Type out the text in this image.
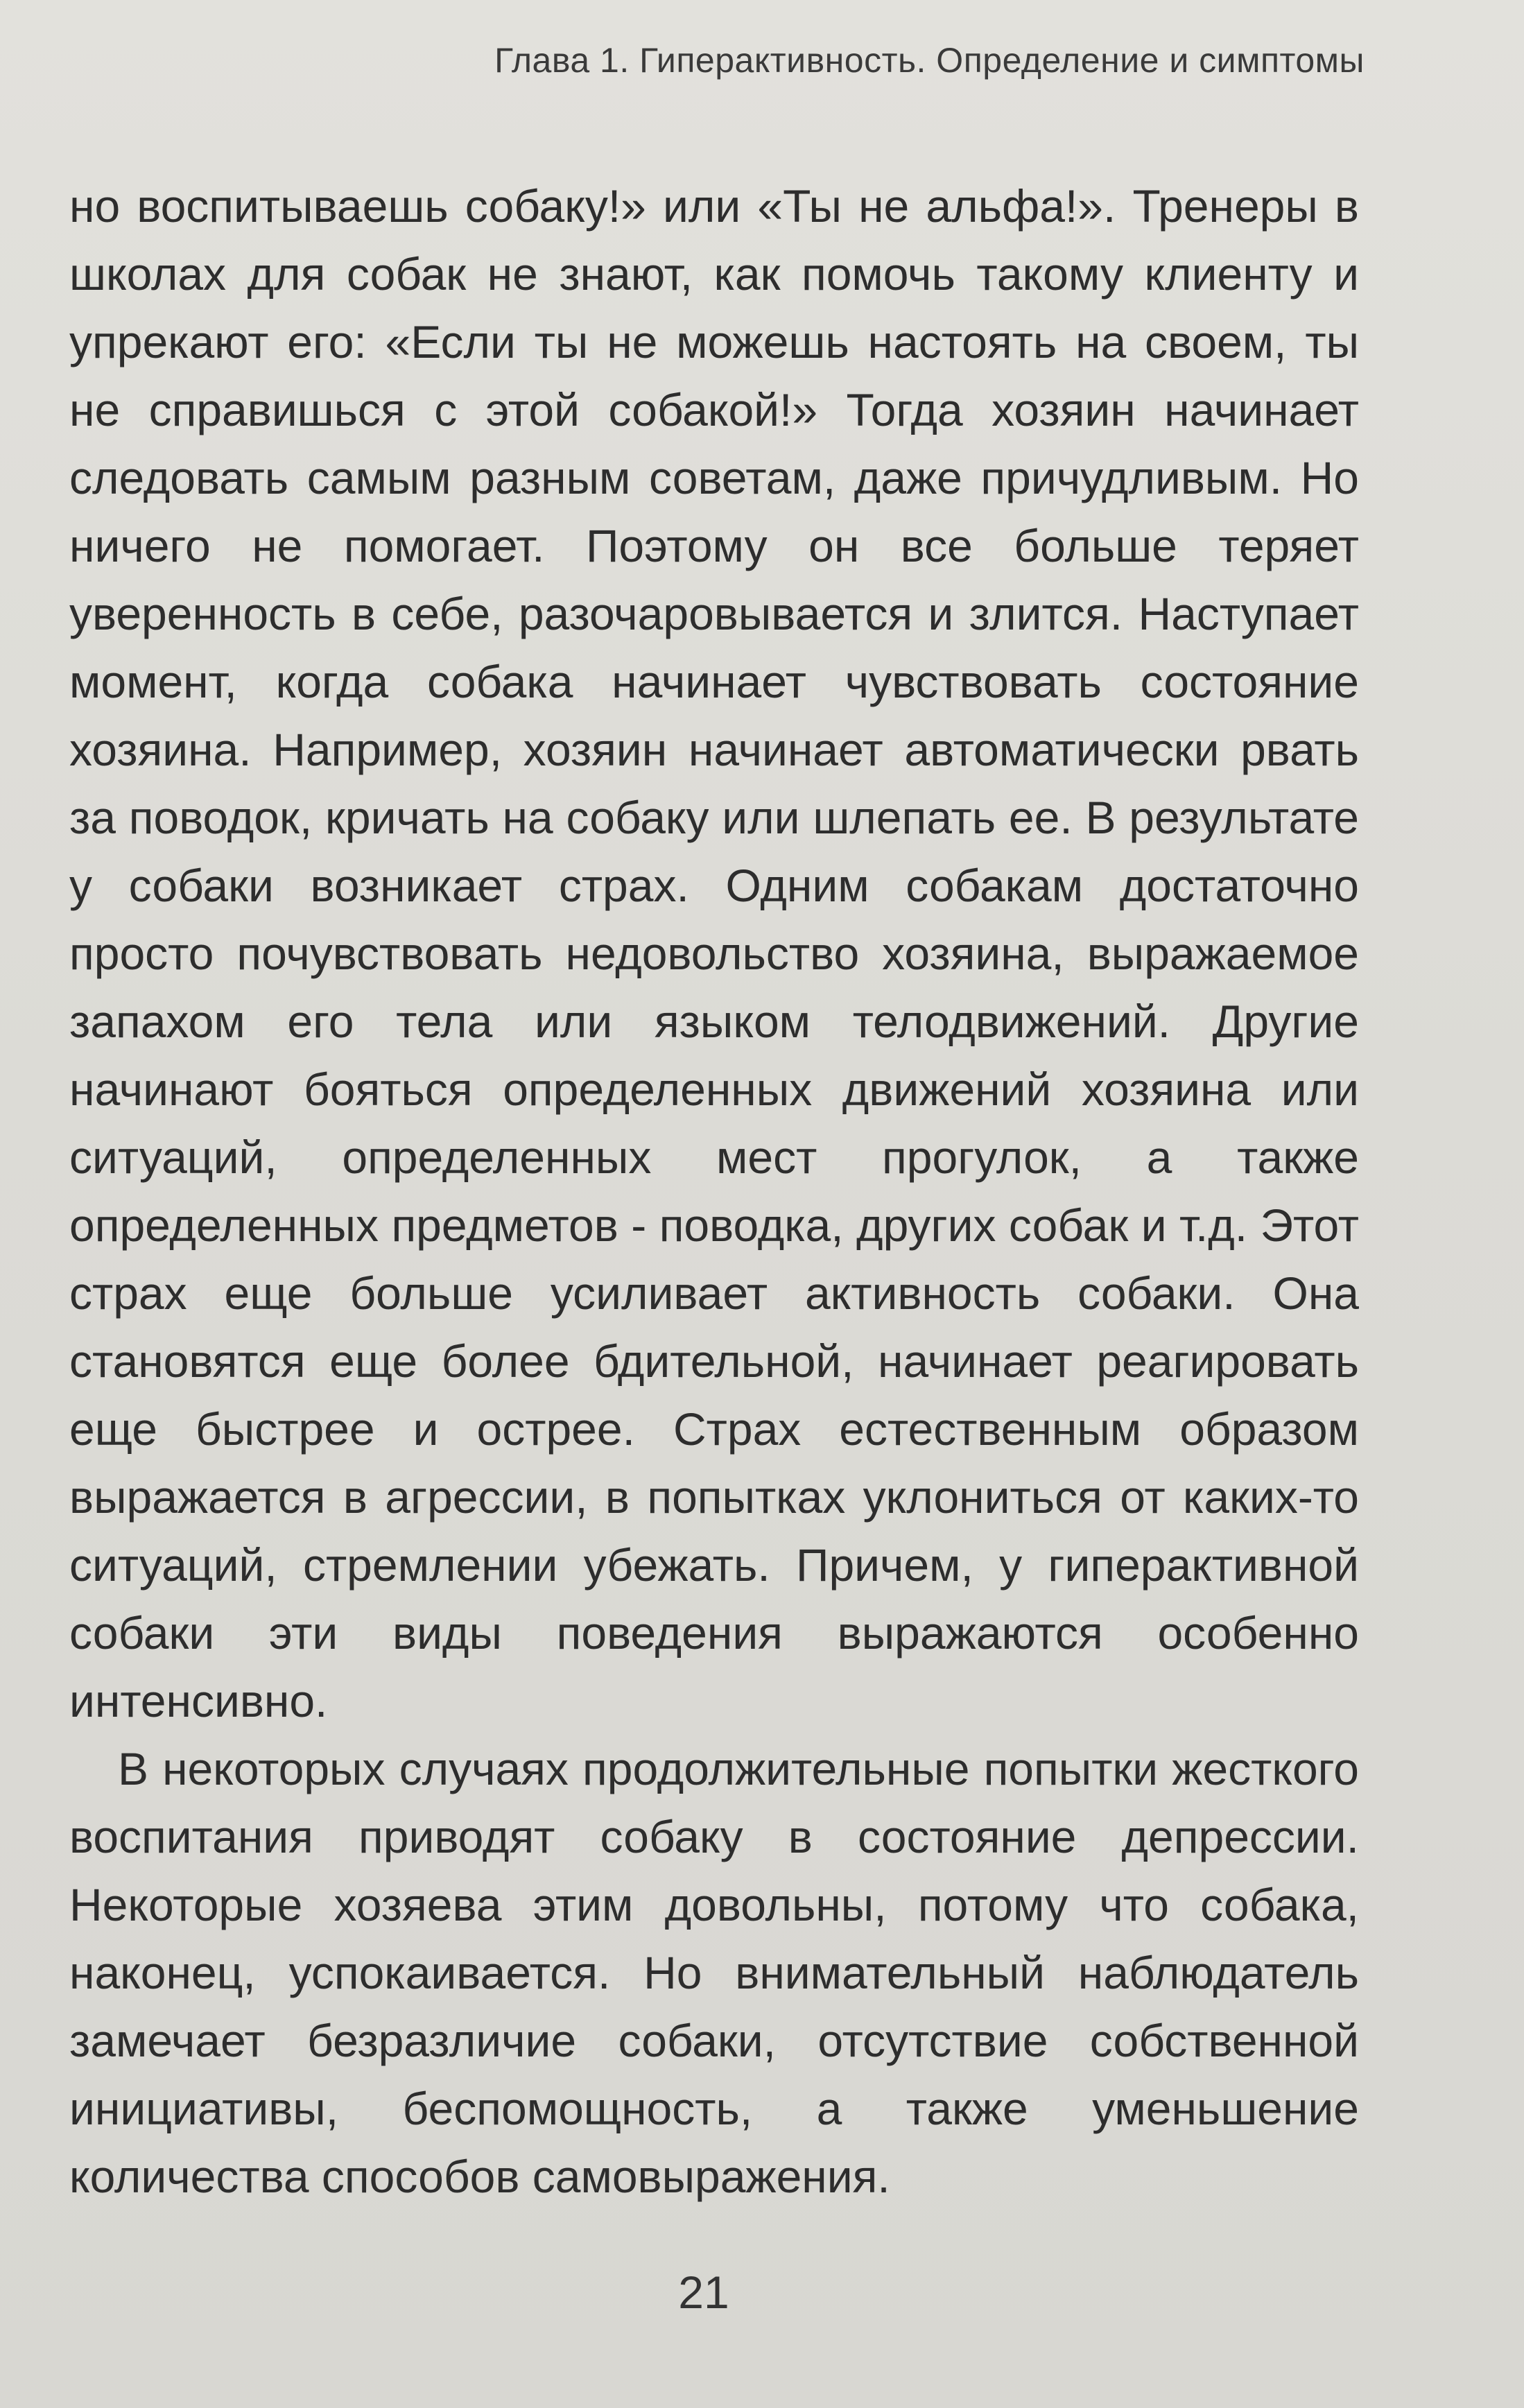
Глава 1. Гиперактивность. Определение и симптомы

но воспитываешь собаку!» или «Ты не альфа!». Тренеры в школах для собак не знают, как помочь такому клиенту и упрекают его: «Если ты не можешь настоять на своем, ты не справишься с этой собакой!» Тогда хозяин начинает следовать самым разным советам, даже причудливым. Но ничего не помогает. Поэтому он все больше теряет уверенность в себе, разочаровывается и злится. Наступает момент, когда собака начинает чувствовать состояние хозяина. Например, хозяин начинает автоматически рвать за поводок, кричать на собаку или шлепать ее. В результате у собаки возникает страх. Одним собакам достаточно просто почувствовать недовольство хозяина, выражаемое запахом его тела или языком телодвижений. Другие начинают бояться определенных движений хозяина или ситуаций, определенных мест прогулок, а также определенных предметов - поводка, других собак и т.д. Этот страх еще больше усиливает активность собаки. Она становятся еще более бдительной, начинает реагировать еще быстрее и острее. Страх естественным образом выражается в агрессии, в попытках уклониться от каких-то ситуаций, стремлении убежать. Причем, у гиперактивной собаки эти виды поведения выражаются особенно интенсивно.

В некоторых случаях продолжительные попытки жесткого воспитания приводят собаку в состояние депрессии. Некоторые хозяева этим довольны, потому что собака, наконец, успокаивается. Но внимательный наблюдатель замечает безразличие собаки, отсутствие собственной инициативы, беспомощность, а также уменьшение количества способов самовыражения.

21
